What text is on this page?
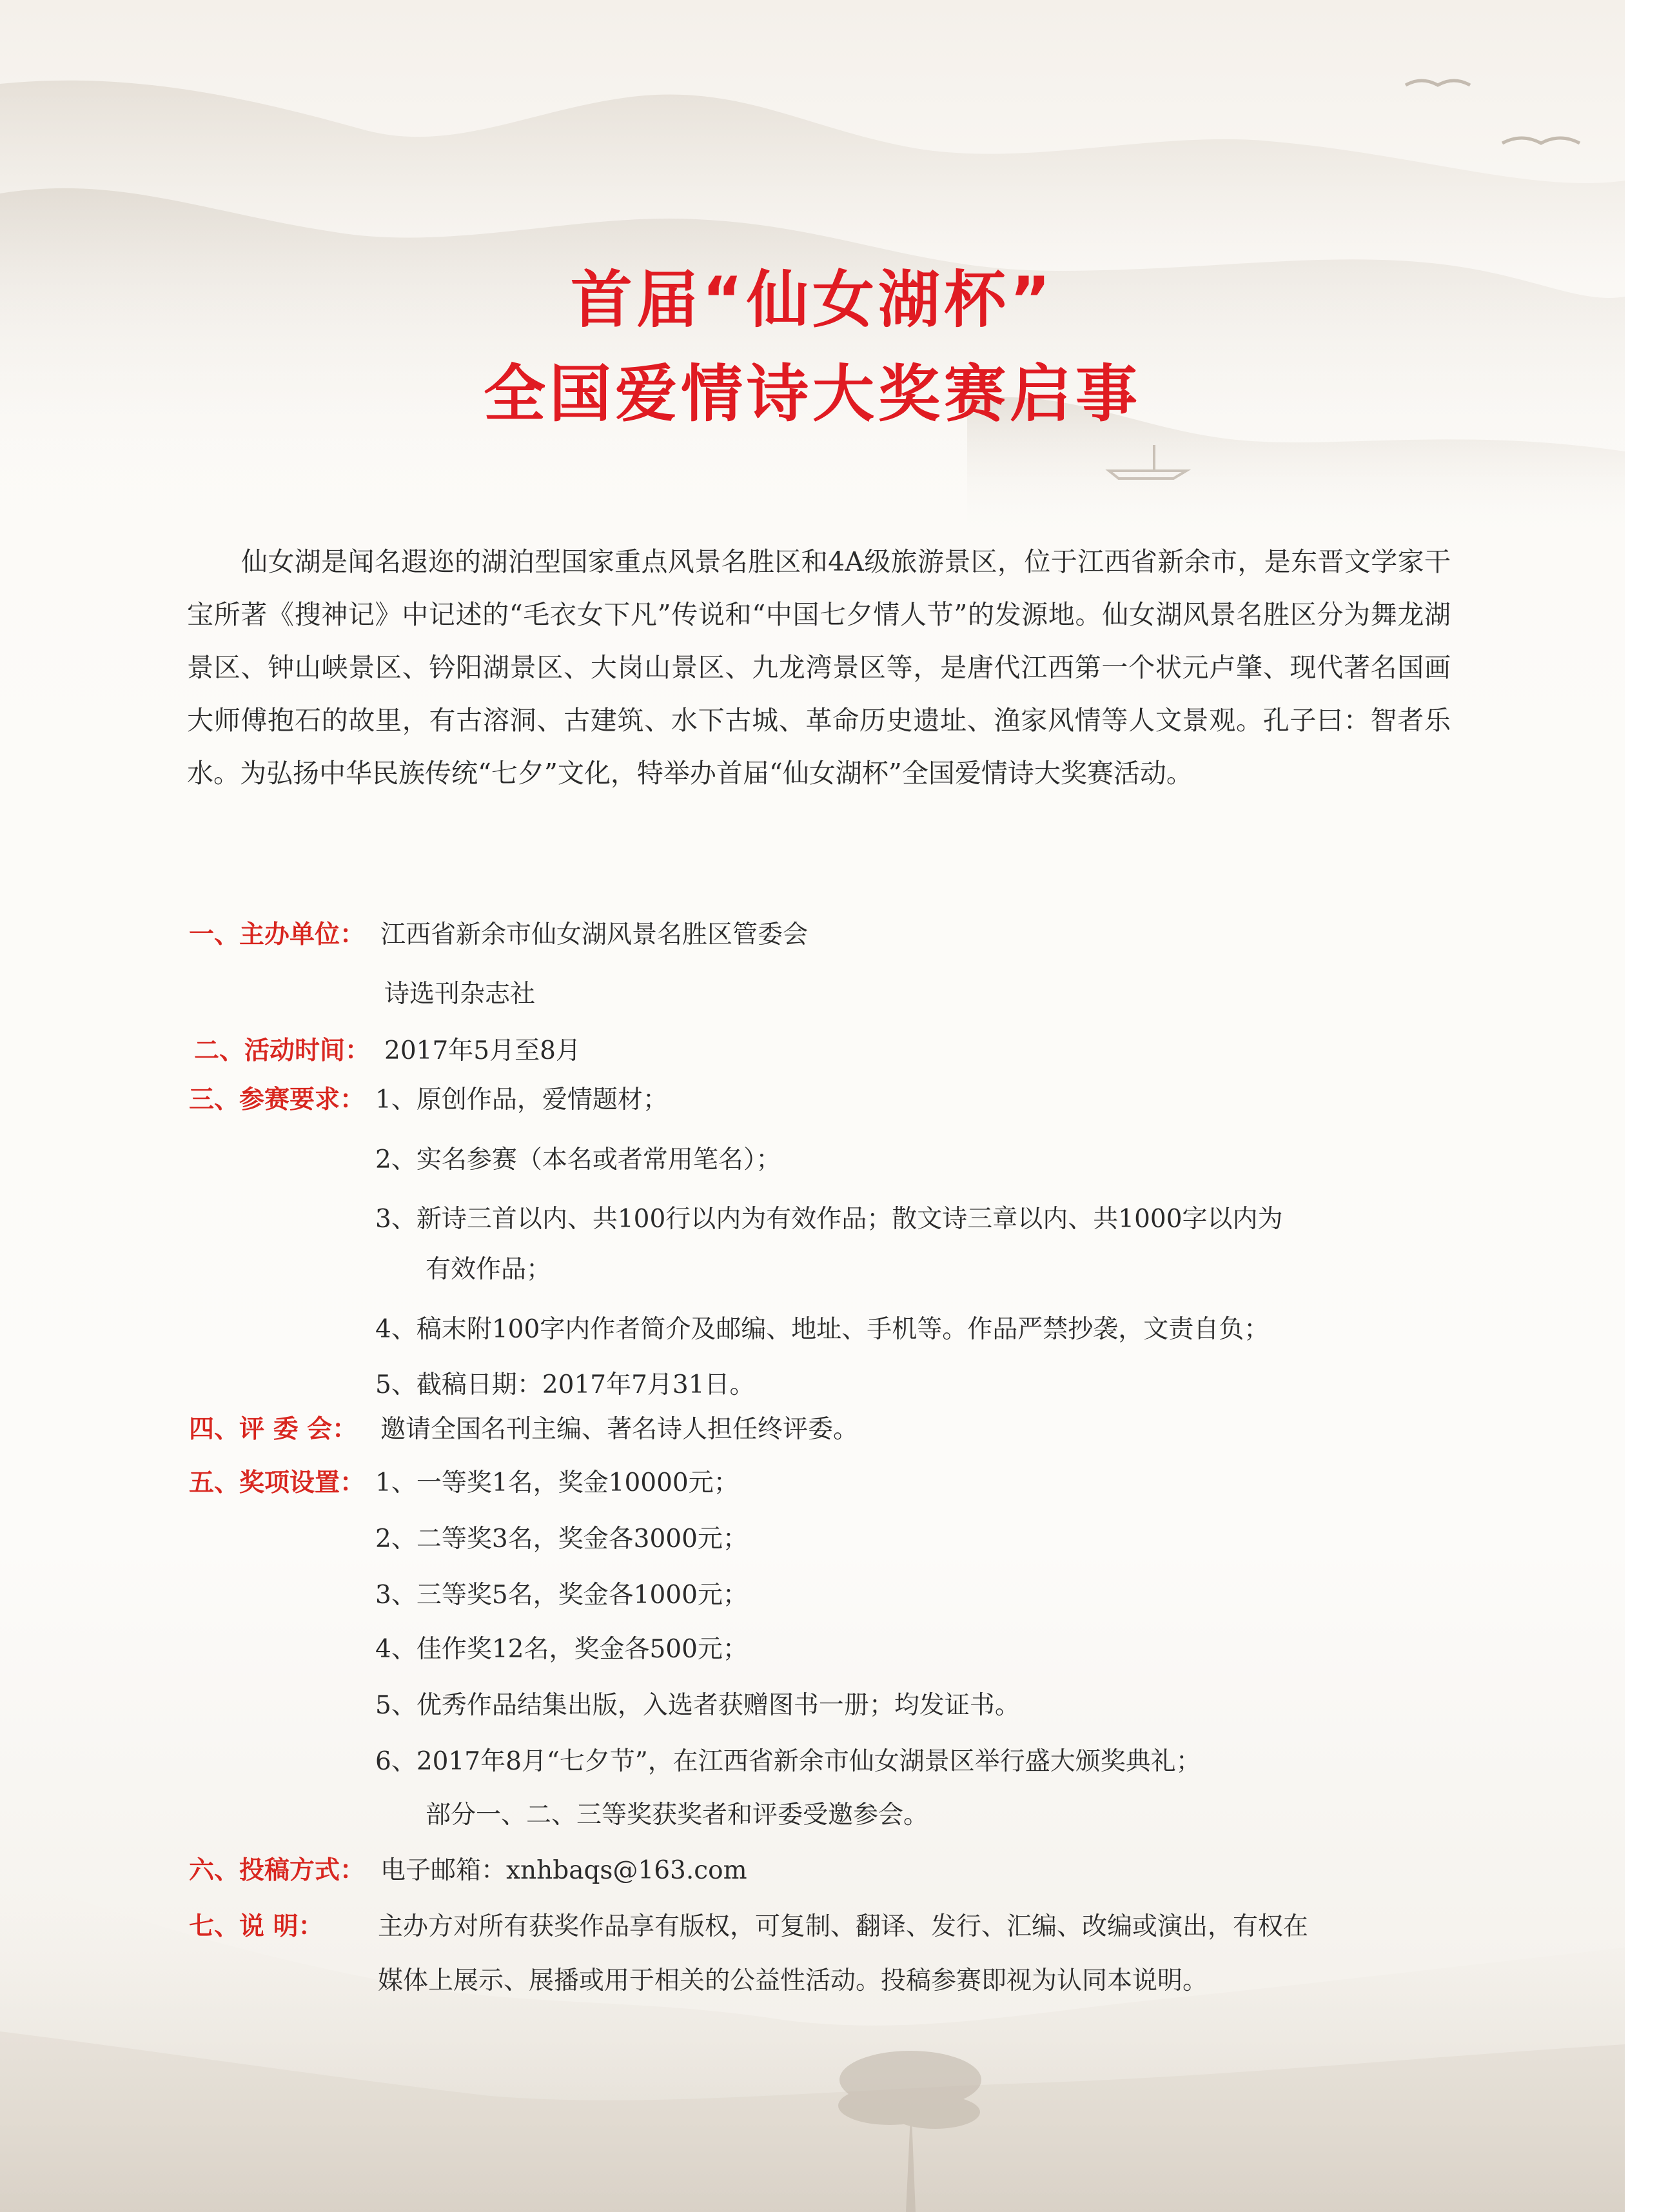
首届“仙女湖杯”
全国爱情诗大奖赛启事

仙女湖是闻名遐迩的湖泊型国家重点风景名胜区和4A级旅游景区，位于江西省新余市，是东晋文学家干宝所著《搜神记》中记述的“毛衣女下凡”传说和“中国七夕情人节”的发源地。仙女湖风景名胜区分为舞龙湖景区、钟山峡景区、钤阳湖景区、大岗山景区、九龙湾景区等，是唐代江西第一个状元卢肇、现代著名国画大师傅抱石的故里，有古溶洞、古建筑、水下古城、革命历史遗址、渔家风情等人文景观。孔子曰：智者乐水。为弘扬中华民族传统“七夕”文化，特举办首届“仙女湖杯”全国爱情诗大奖赛活动。

一、主办单位： 江西省新余市仙女湖风景名胜区管委会
诗选刊杂志社
二、活动时间： 2017年5月至8月
三、参赛要求： 1、原创作品，爱情题材；
2、实名参赛（本名或者常用笔名）；
3、新诗三首以内、共100行以内为有效作品；散文诗三章以内、共1000字以内为
有效作品；
4、稿末附100字内作者简介及邮编、地址、手机等。作品严禁抄袭，文责自负；
5、截稿日期：2017年7月31日。
四、评 委 会： 邀请全国名刊主编、著名诗人担任终评委。
五、奖项设置： 1、一等奖1名，奖金10000元；
2、二等奖3名，奖金各3000元；
3、三等奖5名，奖金各1000元；
4、佳作奖12名，奖金各500元；
5、优秀作品结集出版，入选者获赠图书一册；均发证书。
6、2017年8月“七夕节”，在江西省新余市仙女湖景区举行盛大颁奖典礼；
部分一、二、三等奖获奖者和评委受邀参会。
六、投稿方式： 电子邮箱：xnhbaqs@163.com
七、说 明： 主办方对所有获奖作品享有版权，可复制、翻译、发行、汇编、改编或演出，有权在
媒体上展示、展播或用于相关的公益性活动。投稿参赛即视为认同本说明。
